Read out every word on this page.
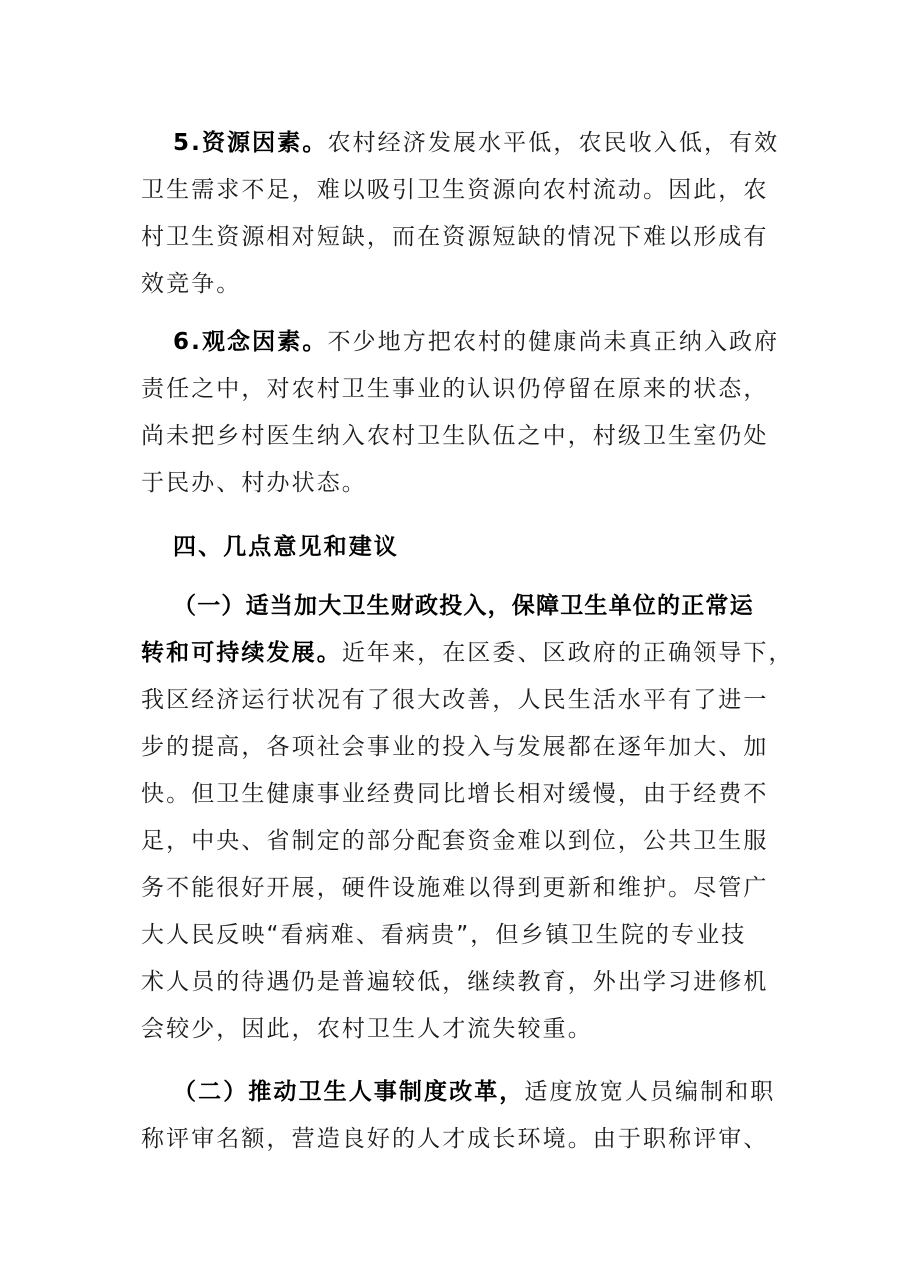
5.资源因素。农村经济发展水平低，农民收入低，有效
卫生需求不足，难以吸引卫生资源向农村流动。因此，农
村卫生资源相对短缺，而在资源短缺的情况下难以形成有
效竞争。
6.观念因素。不少地方把农村的健康尚未真正纳入政府
责任之中，对农村卫生事业的认识仍停留在原来的状态，
尚未把乡村医生纳入农村卫生队伍之中，村级卫生室仍处
于民办、村办状态。
四、几点意见和建议
（一）适当加大卫生财政投入，保障卫生单位的正常运
转和可持续发展。近年来，在区委、区政府的正确领导下，
我区经济运行状况有了很大改善，人民生活水平有了进一
步的提高，各项社会事业的投入与发展都在逐年加大、加
快。但卫生健康事业经费同比增长相对缓慢，由于经费不
足，中央、省制定的部分配套资金难以到位，公共卫生服
务不能很好开展，硬件设施难以得到更新和维护。尽管广
大人民反映“看病难、看病贵”，但乡镇卫生院的专业技
术人员的待遇仍是普遍较低，继续教育，外出学习进修机
会较少，因此，农村卫生人才流失较重。
（二）推动卫生人事制度改革，适度放宽人员编制和职
称评审名额，营造良好的人才成长环境。由于职称评审、
